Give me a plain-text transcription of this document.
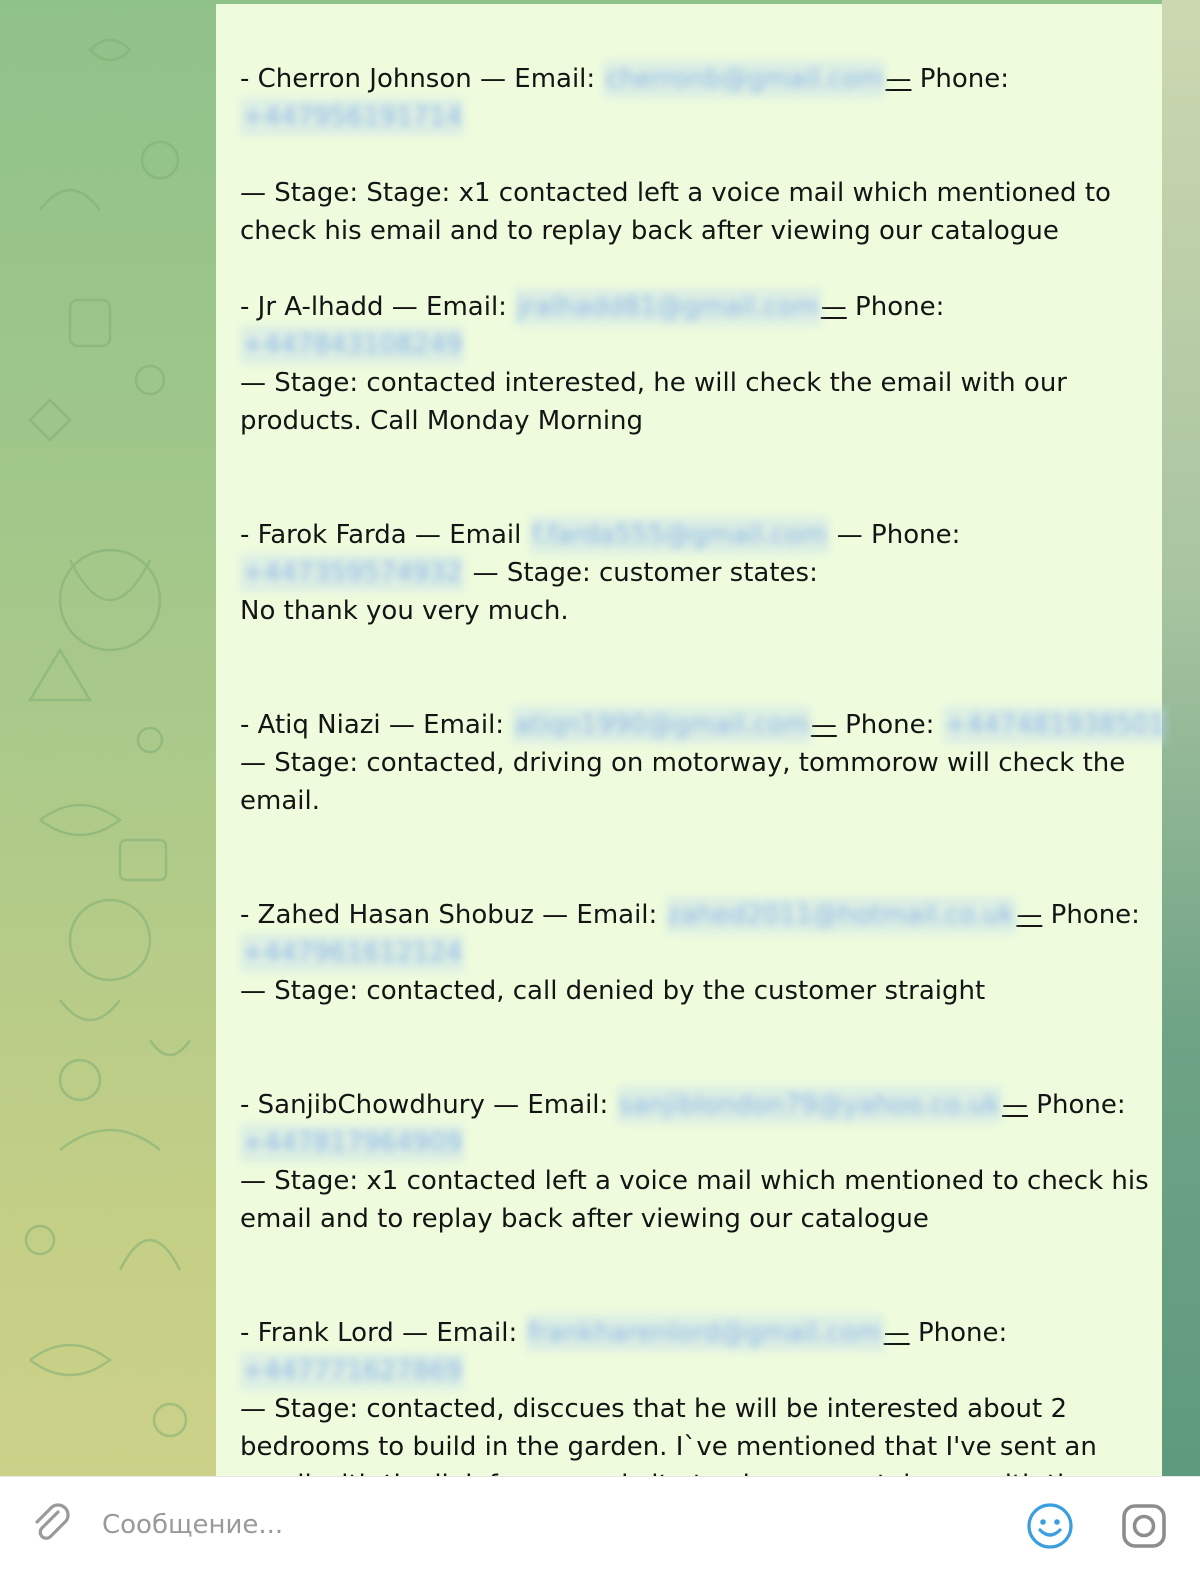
- Cherron Johnson — Email: cherronb@gmail.com— Phone:
+447956191714
— Stage: Stage: x1 contacted left a voice mail which mentioned to
check his email and to replay back after viewing our catalogue
- Jr A-lhadd — Email: jralhadd81@gmail.com— Phone:
+447843108249
— Stage: contacted interested, he will check the email with our
products. Call Monday Morning
- Farok Farda — Email f.farda555@gmail.com — Phone:
+447359574932 — Stage: customer states:
No thank you very much.
- Atiq Niazi — Email: atiqn1990@gmail.com— Phone: +447481938501
— Stage: contacted, driving on motorway, tommorow will check the
email.
- Zahed Hasan Shobuz — Email: zahed2011@hotmail.co.uk— Phone:
+447961612124
— Stage: contacted, call denied by the customer straight
- SanjibChowdhury — Email: sanjiblondon79@yahoo.co.uk— Phone:
+447817964909
— Stage: x1 contacted left a voice mail which mentioned to check his
email and to replay back after viewing our catalogue
- Frank Lord — Email: frankharenlord@gmail.com— Phone:
+447771627869
— Stage: contacted, disccues that he will be interested about 2
bedrooms to build in the garden. I`ve mentioned that I've sent an
Сообщение...
